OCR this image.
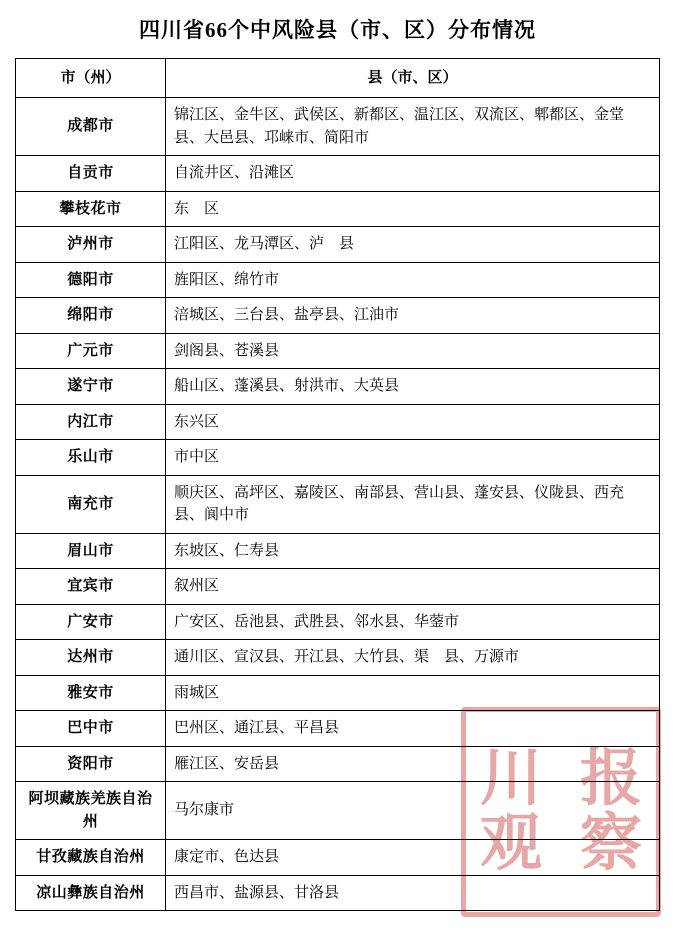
四川省66个中风险县（市、区）分布情况
川 报
观 察
市（州）	县（市、区）
成都市	锦江区、金牛区、武侯区、新都区、温江区、双流区、郫都区、金堂县、大邑县、邛崃市、简阳市
自贡市	自流井区、沿滩区
攀枝花市	东　区
泸州市	江阳区、龙马潭区、泸　县
德阳市	旌阳区、绵竹市
绵阳市	涪城区、三台县、盐亭县、江油市
广元市	剑阁县、苍溪县
遂宁市	船山区、蓬溪县、射洪市、大英县
内江市	东兴区
乐山市	市中区
南充市	顺庆区、高坪区、嘉陵区、南部县、营山县、蓬安县、仪陇县、西充县、阆中市
眉山市	东坡区、仁寿县
宜宾市	叙州区
广安市	广安区、岳池县、武胜县、邻水县、华蓥市
达州市	通川区、宣汉县、开江县、大竹县、渠　县、万源市
雅安市	雨城区
巴中市	巴州区、通江县、平昌县
资阳市	雁江区、安岳县
阿坝藏族羌族自治州	马尔康市
甘孜藏族自治州	康定市、色达县
凉山彝族自治州	西昌市、盐源县、甘洛县
